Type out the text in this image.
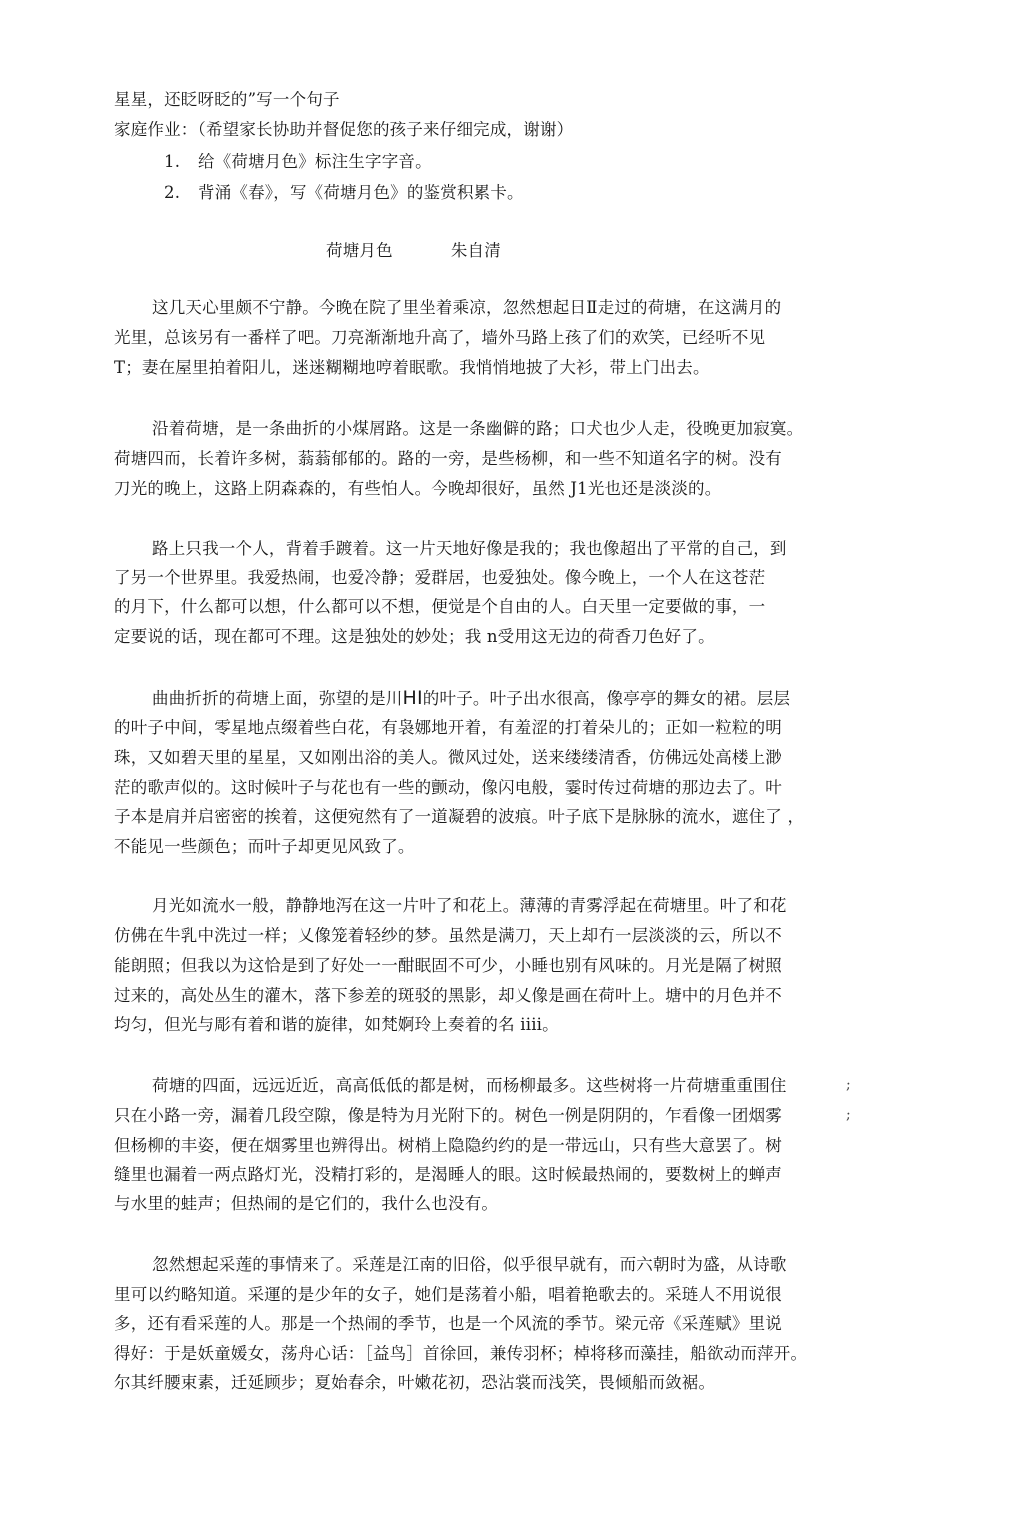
星星，还眨呀眨的”写一个句子
家庭作业：（希望家长协助并督促您的孩子来仔细完成，谢谢）
1. 给《荷塘月色》标注生字字音。
2. 背涌《春》，写《荷塘月色》的鉴赏积累卡。
荷塘月色	朱自清
这几天心里颇不宁静。今晚在院了里坐着乘凉，忽然想起日Ⅱ走过的荷塘，在这满月的
光里，总该另有一番样了吧。刀亮渐渐地升高了，墙外马路上孩了们的欢笑，已经听不见
T；妻在屋里拍着阳儿，迷迷糊糊地哼着眠歌。我悄悄地披了大衫，带上门出去。
沿着荷塘，是一条曲折的小煤屑路。这是一条幽僻的路；口犬也少人走，役晚更加寂寞。
荷塘四而，长着许多树，蓊蓊郁郁的。路的一旁，是些杨柳，和一些不知道名字的树。没有
刀光的晚上，这路上阴森森的，有些怕人。今晚却很好，虽然 J1光也还是淡淡的。
路上只我一个人，背着手踱着。这一片天地好像是我的；我也像超出了平常的自己，到
了另一个世界里。我爱热闹，也爱冷静；爱群居，也爱独处。像今晚上，一个人在这苍茫
的月下，什么都可以想，什么都可以不想，便觉是个自由的人。白天里一定要做的事，一
定要说的话，现在都可不理。这是独处的妙处；我 n受用这无边的荷香刀色好了。
曲曲折折的荷塘上面，弥望的是川HI的叶子。叶子出水很高，像亭亭的舞女的裙。层层
的叶子中间，零星地点缀着些白花，有袅娜地开着，有羞涩的打着朵儿的；正如一粒粒的明
珠，又如碧天里的星星，又如刚出浴的美人。微风过处，送来缕缕清香，仿佛远处高楼上渺
茫的歌声似的。这时候叶子与花也有一些的颤动，像闪电般，霎时传过荷塘的那边去了。叶
子本是肩并启密密的挨着，这便宛然有了一道凝碧的波痕。叶子底下是脉脉的流水，遮住了 ，
不能见一些颜色；而叶子却更见风致了。
月光如流水一般，静静地泻在这一片叶了和花上。薄薄的青雾浮起在荷塘里。叶了和花
仿佛在牛乳中洗过一样；乂像笼着轻纱的梦。虽然是满刀，天上却冇一层淡淡的云，所以不
能朗照；但我以为这恰是到了好处一一酣眠固不可少，小睡也别有风味的。月光是隔了树照
过来的，高处丛生的灌木，落下参差的斑驳的黑影，却乂像是画在荷叶上。塘中的月色并不
均匀，但光与彫有着和谐的旋律，如梵婀玲上奏着的名 iiii。
荷塘的四面，远远近近，高高低低的都是树，而杨柳最多。这些树将一片荷塘重重围住
只在小路一旁，漏着几段空隙，像是特为月光附下的。树色一例是阴阴的，乍看像一团烟雾
但杨柳的丰姿，便在烟雾里也辨得出。树梢上隐隐约约的是一带远山，只有些大意罢了。树
缝里也漏着一两点路灯光，没精打彩的，是渴睡人的眼。这时候最热闹的，要数树上的蝉声
与水里的蛙声；但热闹的是它们的，我什么也没有。
;
;
忽然想起采莲的事情来了。采莲是江南的旧俗，似乎很早就有，而六朝时为盛，从诗歌
里可以约略知道。采運的是少年的女子，她们是荡着小船，唱着艳歌去的。采琏人不用说很
多，还有看采莲的人。那是一个热闹的季节，也是一个风流的季节。梁元帝《采莲赋》里说
得好：于是妖童媛女，荡舟心话：［益鸟］首徐回，兼传羽杯；棹将移而藻挂，船欲动而萍开。
尔其纤腰束素，迁延顾步；夏始春余，叶嫩花初，恐沾裳而浅笑，畏倾船而敛裾。
